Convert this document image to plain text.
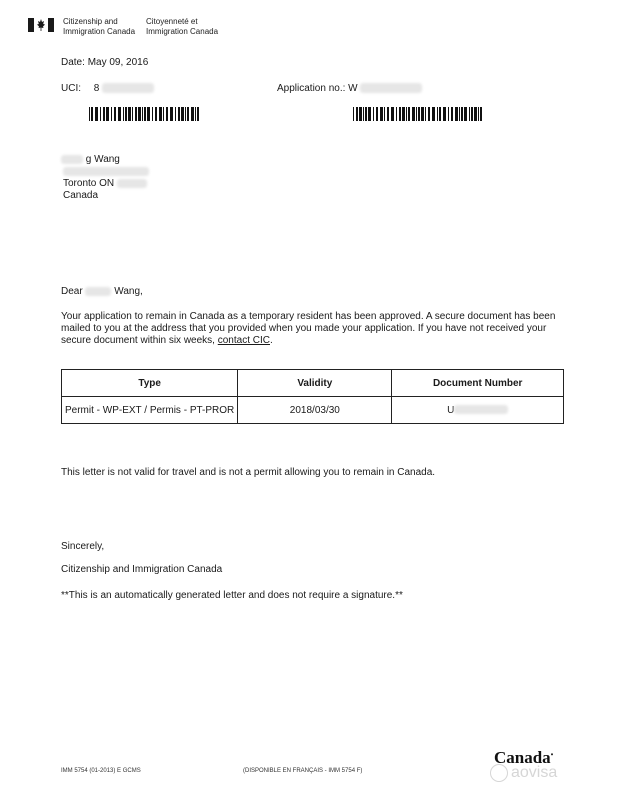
Citizenship and
Immigration Canada
Citoyenneté et
Immigration Canada
Date: May 09, 2016
UCI: 8	Application no.: W
g Wang
Toronto ON
Canada
Dear	Wang,
Your application to remain in Canada as a temporary resident has been approved. A secure document has been mailed to you at the address that you provided when you made your application. If you have not received your secure document within six weeks, contact CIC.
Type	Validity	Document Number
Permit - WP-EXT / Permis - PT-PROR	2018/03/30	U
This letter is not valid for travel and is not a permit allowing you to remain in Canada.
Sincerely,
Citizenship and Immigration Canada
**This is an automatically generated letter and does not require a signature.**
IMM 5754 (01-2013) E GCMS	(DISPONIBLE EN FRANÇAIS - IMM 5754 F)
Canada▪
aovisa
